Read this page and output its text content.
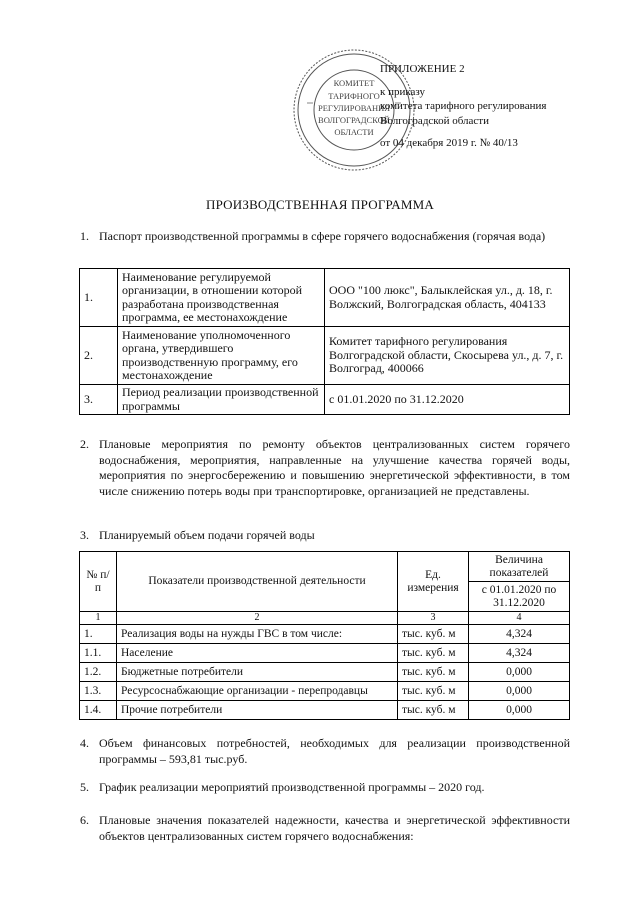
КОМИТЕТ
ТАРИФНОГО
РЕГУЛИРОВАНИЯ
ВОЛГОГРАДСКОЙ
ОБЛАСТИ
ПРИЛОЖЕНИЕ 2
к приказу
комитета тарифного регулирования
Волгоградской области
от 04 декабря 2019 г. № 40/13
ПРОИЗВОДСТВЕННАЯ ПРОГРАММА
1. Паспорт производственной программы в сфере горячего водоснабжения (горячая вода)
1.	Наименование регулируемой организации, в отношении которой разработана производственная программа, ее местонахождение	ООО "100 люкс", Балыклейская ул., д. 18, г. Волжский, Волгоградская область, 404133
2.	Наименование уполномоченного органа, утвердившего производственную программу, его местонахождение	Комитет тарифного регулирования Волгоградской области, Скосырева ул., д. 7, г. Волгоград, 400066
3.	Период реализации производственной программы	с 01.01.2020 по 31.12.2020
2. Плановые мероприятия по ремонту объектов централизованных систем горячего водоснабжения, мероприятия, направленные на улучшение качества горячей воды, мероприятия по энергосбережению и повышению энергетической эффективности, в том числе снижению потерь воды при транспортировке, организацией не представлены.
3. Планируемый объем подачи горячей воды
№ п/п	Показатели производственной деятельности	Ед. измерения	Величина показателей
			с 01.01.2020 по 31.12.2020
1	2	3	4
1.	Реализация воды на нужды ГВС в том числе:	тыс. куб. м	4,324
1.1.	Население	тыс. куб. м	4,324
1.2.	Бюджетные потребители	тыс. куб. м	0,000
1.3.	Ресурсоснабжающие организации - перепродавцы	тыс. куб. м	0,000
1.4.	Прочие потребители	тыс. куб. м	0,000
4. Объем финансовых потребностей, необходимых для реализации производственной программы – 593,81 тыс.руб.
5. График реализации мероприятий производственной программы – 2020 год.
6. Плановые значения показателей надежности, качества и энергетической эффективности объектов централизованных систем горячего водоснабжения:
